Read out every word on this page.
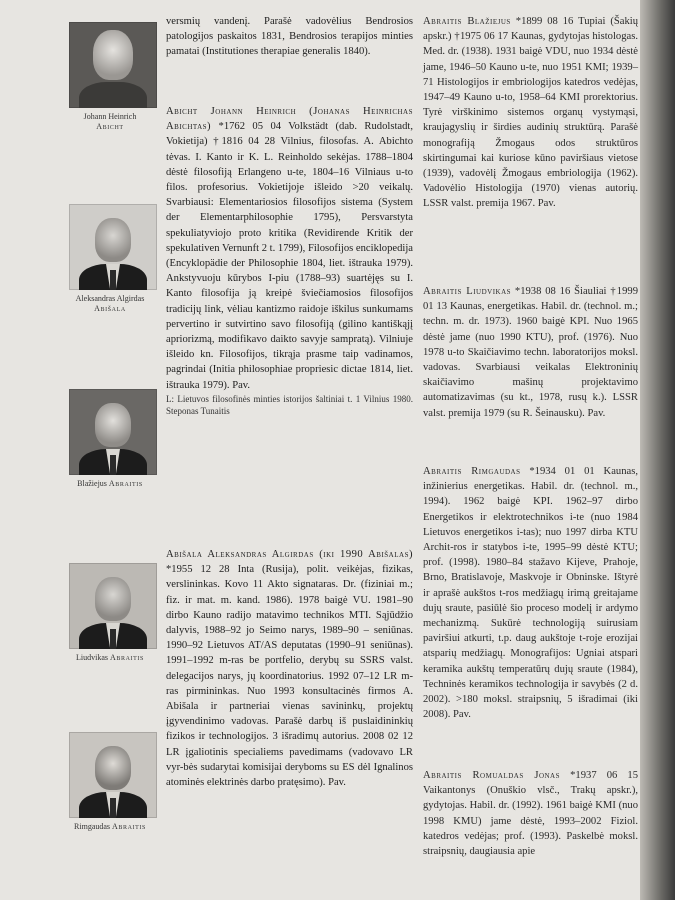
Johann Heinrich
Abicht
Aleksandras Algirdas
Abišala
Blažiejus Abraitis
Liudvikas Abraitis
Rimgaudas Abraitis

versmių vandenį. Parašė vadovėlius Bendrosios patologijos paskaitos 1831, Bendrosios terapijos minties pamatai (Institutiones therapiae generalis 1840).

Abicht Johann Heinrich (Johanas Heinrichas Abichtas) *1762 05 04 Volkstädt (dab. Rudolstadt, Vokietija) †1816 04 28 Vilnius, filosofas. A. Abichto tėvas. I. Kanto ir K. L. Reinholdo sekėjas. 1788–1804 dėstė filosofiją Erlangeno u-te, 1804–16 Vilniaus u-to filos. profesorius. Vokietijoje išleido >20 veikalų. Svarbiausi: Elementariosios filosofijos sistema (System der Elementarphilosophie 1795), Persvarstyta spekuliatyviojo proto kritika (Revidirende Kritik der spekulativen Vernunft 2 t. 1799), Filosofijos enciklopedija (Encyklopädie der Philosophie 1804, liet. ištrauka 1979). Ankstyvuoju kūrybos I-piu (1788–93) suartėjęs su I. Kanto filosofija ją kreipė šviečiamosios filosofijos tradicijų link, vėliau kantizmo raidoje iškilus sunkumams pervertino ir sutvirtino savo filosofiją (gilino kantiškąjį apriorizmą, modifikavo daikto savyje sampratą). Vilniuje išleido kn. Filosofijos, tikrąja prasme taip vadinamos, pagrindai (Initia philosophiae propriesic dictae 1814, liet. ištrauka 1979). Pav.

L: Lietuvos filosofinės minties istorijos šaltiniai t. 1 Vilnius 1980. Steponas Tunaitis

Abišala Aleksandras Algirdas (iki 1990 Abišalas) *1955 12 28 Inta (Rusija), polit. veikėjas, fizikas, verslininkas. Kovo 11 Akto signataras. Dr. (fiziniai m.; fiz. ir mat. m. kand. 1986). 1978 baigė VU. 1981–90 dirbo Kauno radijo matavimo technikos MTI. Sąjūdžio dalyvis, 1988–92 jo Seimo narys, 1989–90 – seniūnas. 1990–92 Lietuvos AT/AS deputatas (1990–91 seniūnas). 1991–1992 m-ras be portfelio, derybų su SSRS valst. delegacijos narys, jų koordinatorius. 1992 07–12 LR m-ras pirmininkas. Nuo 1993 konsultacinės firmos A. Abišala ir partneriai vienas savininkų, projektų įgyvendinimo vadovas. Parašė darbų iš puslaidininkių fizikos ir technologijos. 3 išradimų autorius. 2008 02 12 LR įgaliotinis specialiems pavedimams (vadovavo LR vyr-bės sudarytai komisijai deryboms su ES dėl Ignalinos atominės elektrinės darbo pratęsimo). Pav.

Abraitis Blažiejus *1899 08 16 Tupiai (Šakių apskr.) †1975 06 17 Kaunas, gydytojas histologas. Med. dr. (1938). 1931 baigė VDU, nuo 1934 dėstė jame, 1946–50 Kauno u-te, nuo 1951 KMI; 1939–71 Histologijos ir embriologijos katedros vedėjas, 1947–49 Kauno u-to, 1958–64 KMI prorektorius. Tyrė virškinimo sistemos organų vystymąsi, kraujagyslių ir širdies audinių struktūrą. Parašė monografiją Žmogaus odos struktūros skirtingumai kai kuriose kūno paviršiaus vietose (1939), vadovėlį Žmogaus embriologija (1962). Vadovėlio Histologija (1970) vienas autorių. LSSR valst. premija 1967. Pav.

Abraitis Liudvikas *1938 08 16 Šiauliai †1999 01 13 Kaunas, energetikas. Habil. dr. (technol. m.; techn. m. dr. 1973). 1960 baigė KPI. Nuo 1965 dėstė jame (nuo 1990 KTU), prof. (1976). Nuo 1978 u-to Skaičiavimo techn. laboratorijos moksl. vadovas. Svarbiausi veikalas Elektroninių skaičiavimo mašinų projektavimo automatizavimas (su kt., 1978, rusų k.). LSSR valst. premija 1979 (su R. Šeinausku). Pav.

Abraitis Rimgaudas *1934 01 01 Kaunas, inžinierius energetikas. Habil. dr. (technol. m., 1994). 1962 baigė KPI. 1962–97 dirbo Energetikos ir elektrotechnikos i-te (nuo 1984 Lietuvos energetikos i-tas); nuo 1997 dirba KTU Archit-ros ir statybos i-te, 1995–99 dėstė KTU; prof. (1998). 1980–84 stažavo Kijeve, Prahoje, Brno, Bratislavoje, Maskvoje ir Obninske. Ištyrė ir aprašė aukštos t-ros medžiagų irimą greitajame dujų sraute, pasiūlė šio proceso modelį ir ardymo mechanizmą. Sukūrė technologiją suirusiam paviršiui atkurti, t.p. daug aukštoje t-roje erozijai atsparių medžiagų. Monografijos: Ugniai atspari keramika aukštų temperatūrų dujų sraute (1984), Techninės keramikos technologija ir savybės (2 d. 2002). >180 moksl. straipsnių, 5 išradimai (iki 2008). Pav.

Abraitis Romualdas Jonas *1937 06 15 Vaikantonys (Onuškio vlsč., Trakų apskr.), gydytojas. Habil. dr. (1992). 1961 baigė KMI (nuo 1998 KMU) jame dėstė, 1993–2002 Fiziol. katedros vedėjas; prof. (1993). Paskelbė moksl. straipsnių, daugiausia apie
